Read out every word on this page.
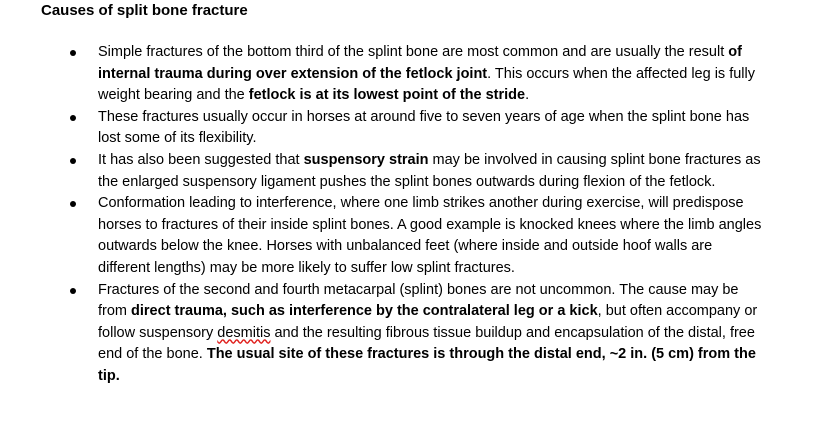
Causes of split bone fracture
Simple fractures of the bottom third of the splint bone are most common and are usually the result of internal trauma during over extension of the fetlock joint. This occurs when the affected leg is fully weight bearing and the fetlock is at its lowest point of the stride.
These fractures usually occur in horses at around five to seven years of age when the splint bone has lost some of its flexibility.
It has also been suggested that suspensory strain may be involved in causing splint bone fractures as the enlarged suspensory ligament pushes the splint bones outwards during flexion of the fetlock.
Conformation leading to interference, where one limb strikes another during exercise, will predispose horses to fractures of their inside splint bones. A good example is knocked knees where the limb angles outwards below the knee. Horses with unbalanced feet (where inside and outside hoof walls are different lengths) may be more likely to suffer low splint fractures.
Fractures of the second and fourth metacarpal (splint) bones are not uncommon. The cause may be from direct trauma, such as interference by the contralateral leg or a kick, but often accompany or follow suspensory desmitis and the resulting fibrous tissue buildup and encapsulation of the distal, free end of the bone. The usual site of these fractures is through the distal end, ~2 in. (5 cm) from the tip.
